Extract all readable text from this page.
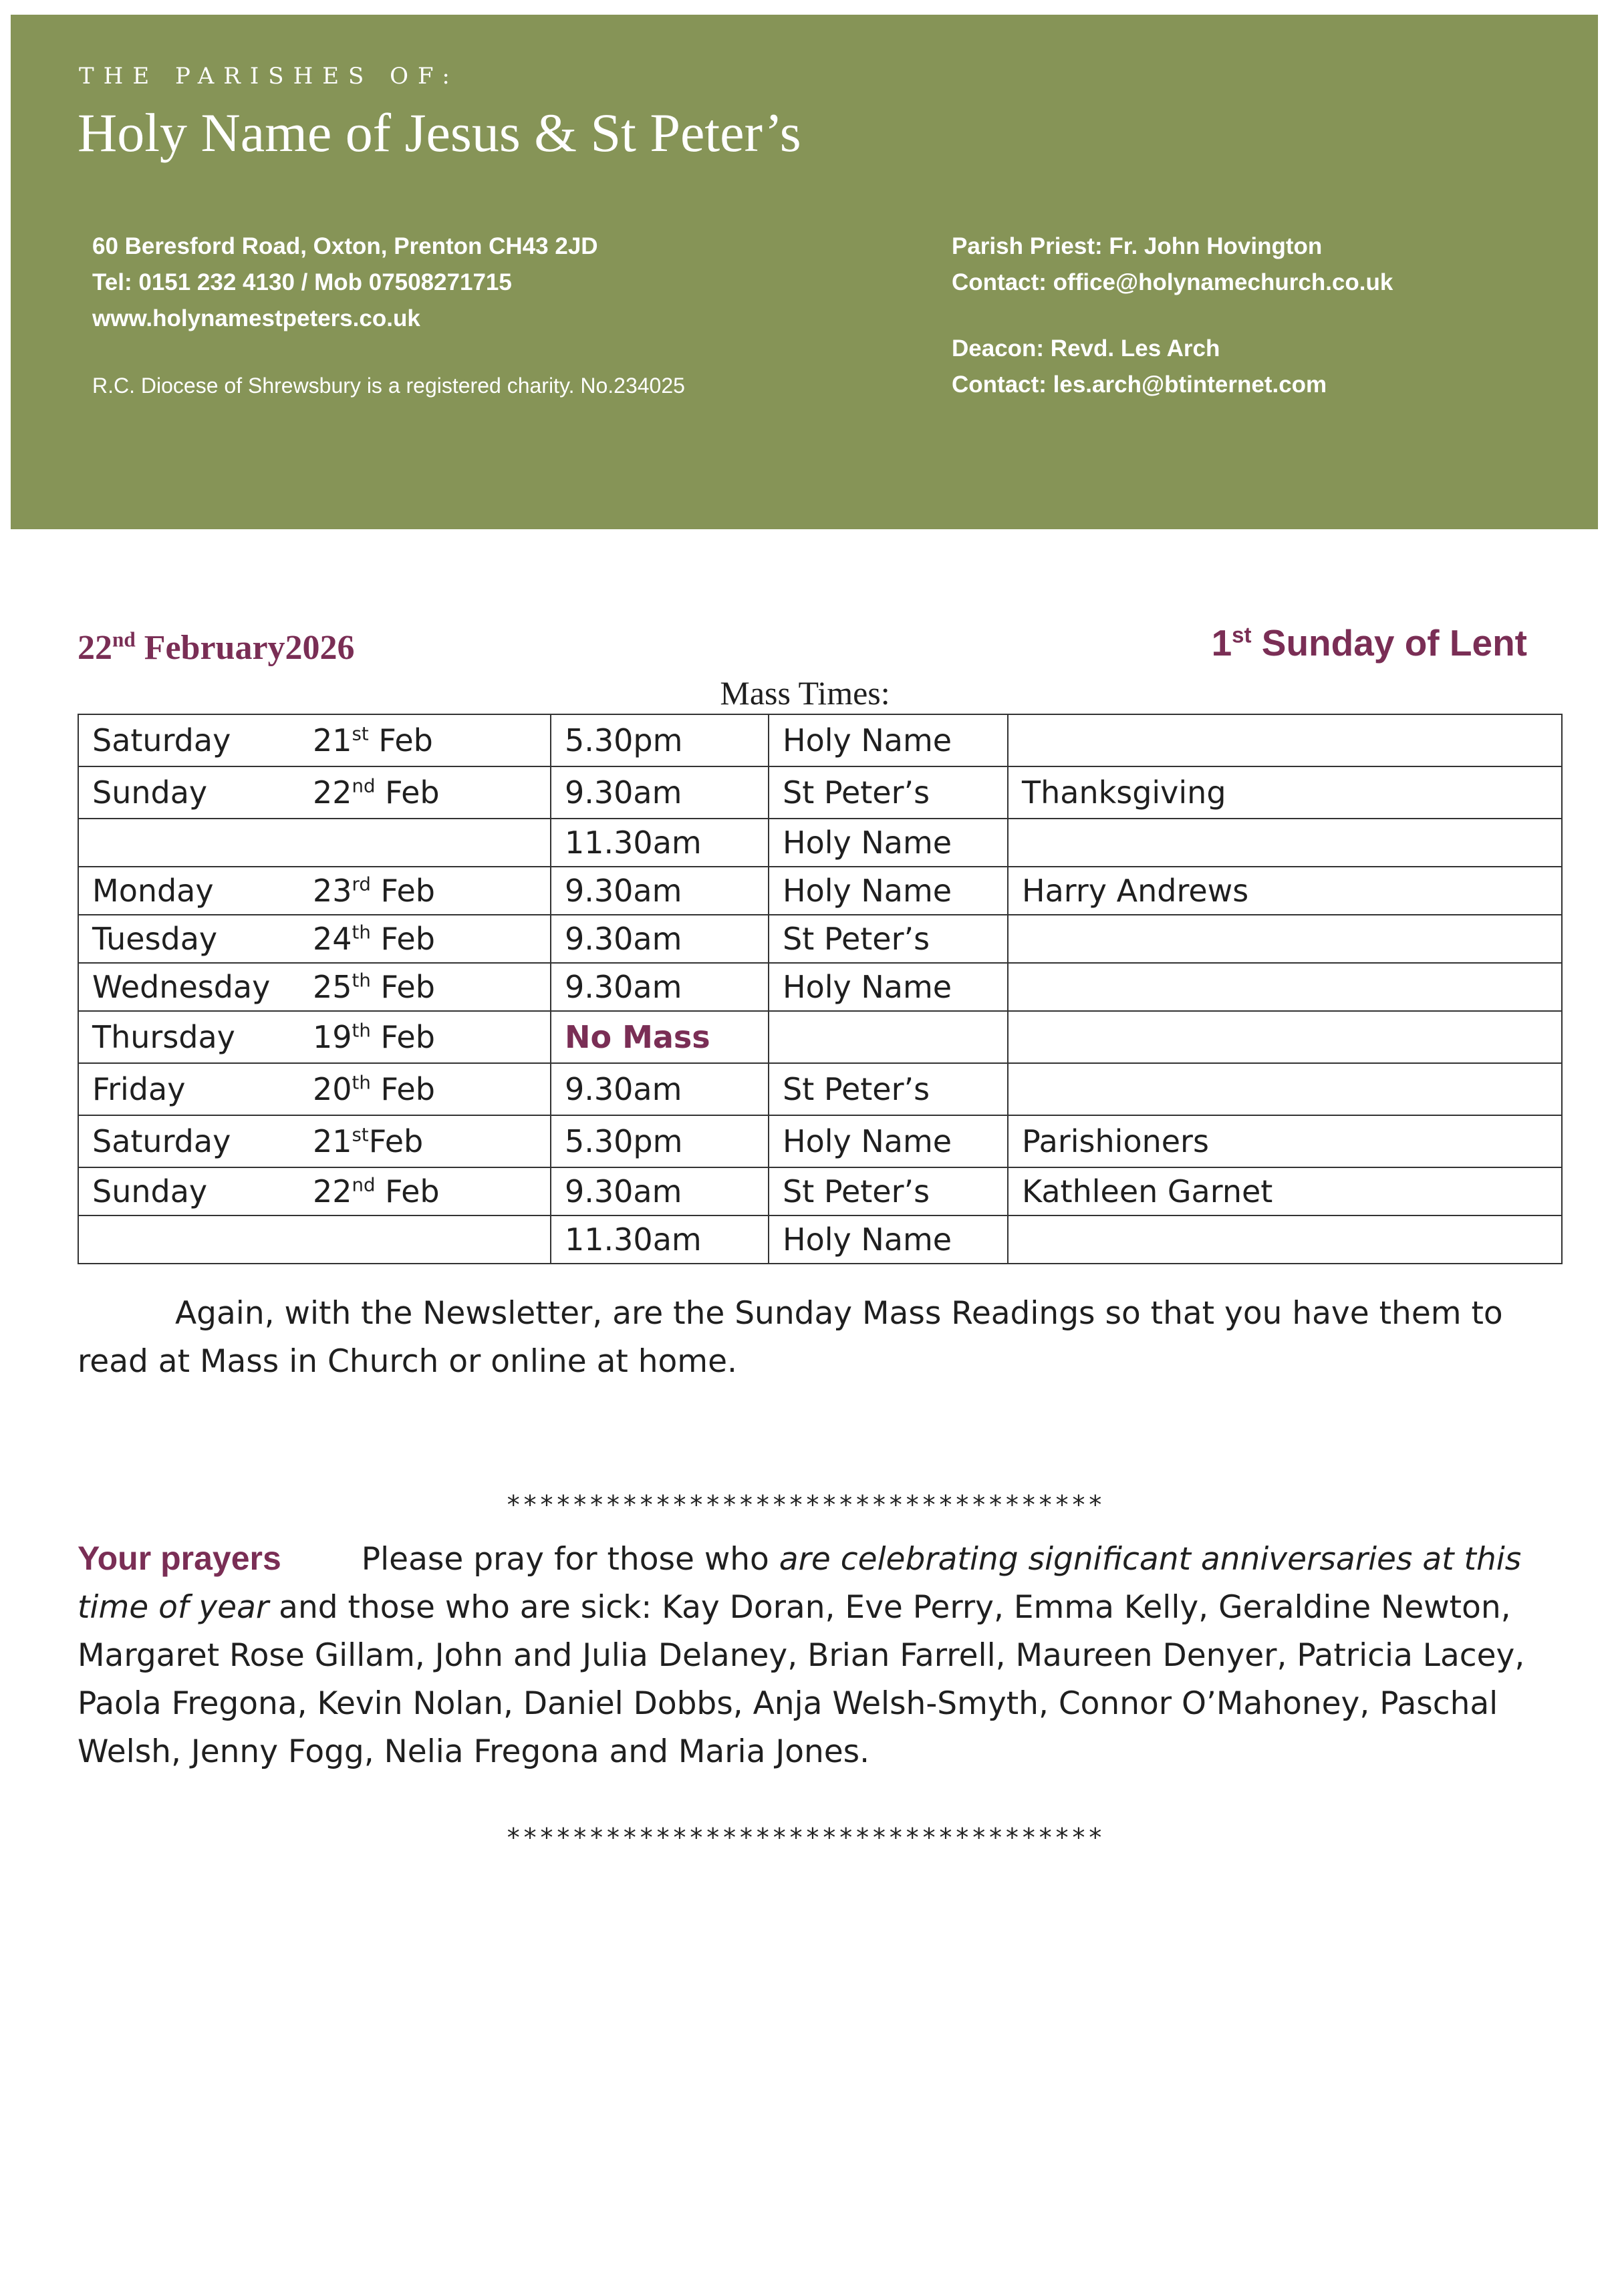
THE PARISHES OF:
Holy Name of Jesus & St Peter’s
60 Beresford Road, Oxton, Prenton CH43 2JD
Tel: 0151 232 4130 / Mob 07508271715
www.holynamestpeters.co.uk
R.C. Diocese of Shrewsbury is a registered charity. No.234025
Parish Priest: Fr. John Hovington
Contact: office@holynamechurch.co.uk
Deacon: Revd. Les Arch
Contact: les.arch@btinternet.com
22nd February2026	1st Sunday of Lent
Mass Times:
Saturday 21st Feb	5.30pm	Holy Name	
Sunday 22nd Feb	9.30am	St Peter’s	Thanksgiving
	11.30am	Holy Name	
Monday 23rd Feb	9.30am	Holy Name	Harry Andrews
Tuesday 24th Feb	9.30am	St Peter’s	
Wednesday 25th Feb	9.30am	Holy Name	
Thursday 19th Feb	No Mass		
Friday 20th Feb	9.30am	St Peter’s	
Saturday 21stFeb	5.30pm	Holy Name	Parishioners
Sunday 22nd Feb	9.30am	St Peter’s	Kathleen Garnet
	11.30am	Holy Name	
Again, with the Newsletter, are the Sunday Mass Readings so that you have them to read at Mass in Church or online at home.
************************************
Your prayers	Please pray for those who are celebrating significant anniversaries at this time of year and those who are sick: Kay Doran, Eve Perry, Emma Kelly, Geraldine Newton, Margaret Rose Gillam, John and Julia Delaney, Brian Farrell, Maureen Denyer, Patricia Lacey, Paola Fregona, Kevin Nolan, Daniel Dobbs, Anja Welsh-Smyth, Connor O’Mahoney, Paschal Welsh, Jenny Fogg, Nelia Fregona and Maria Jones.
************************************
